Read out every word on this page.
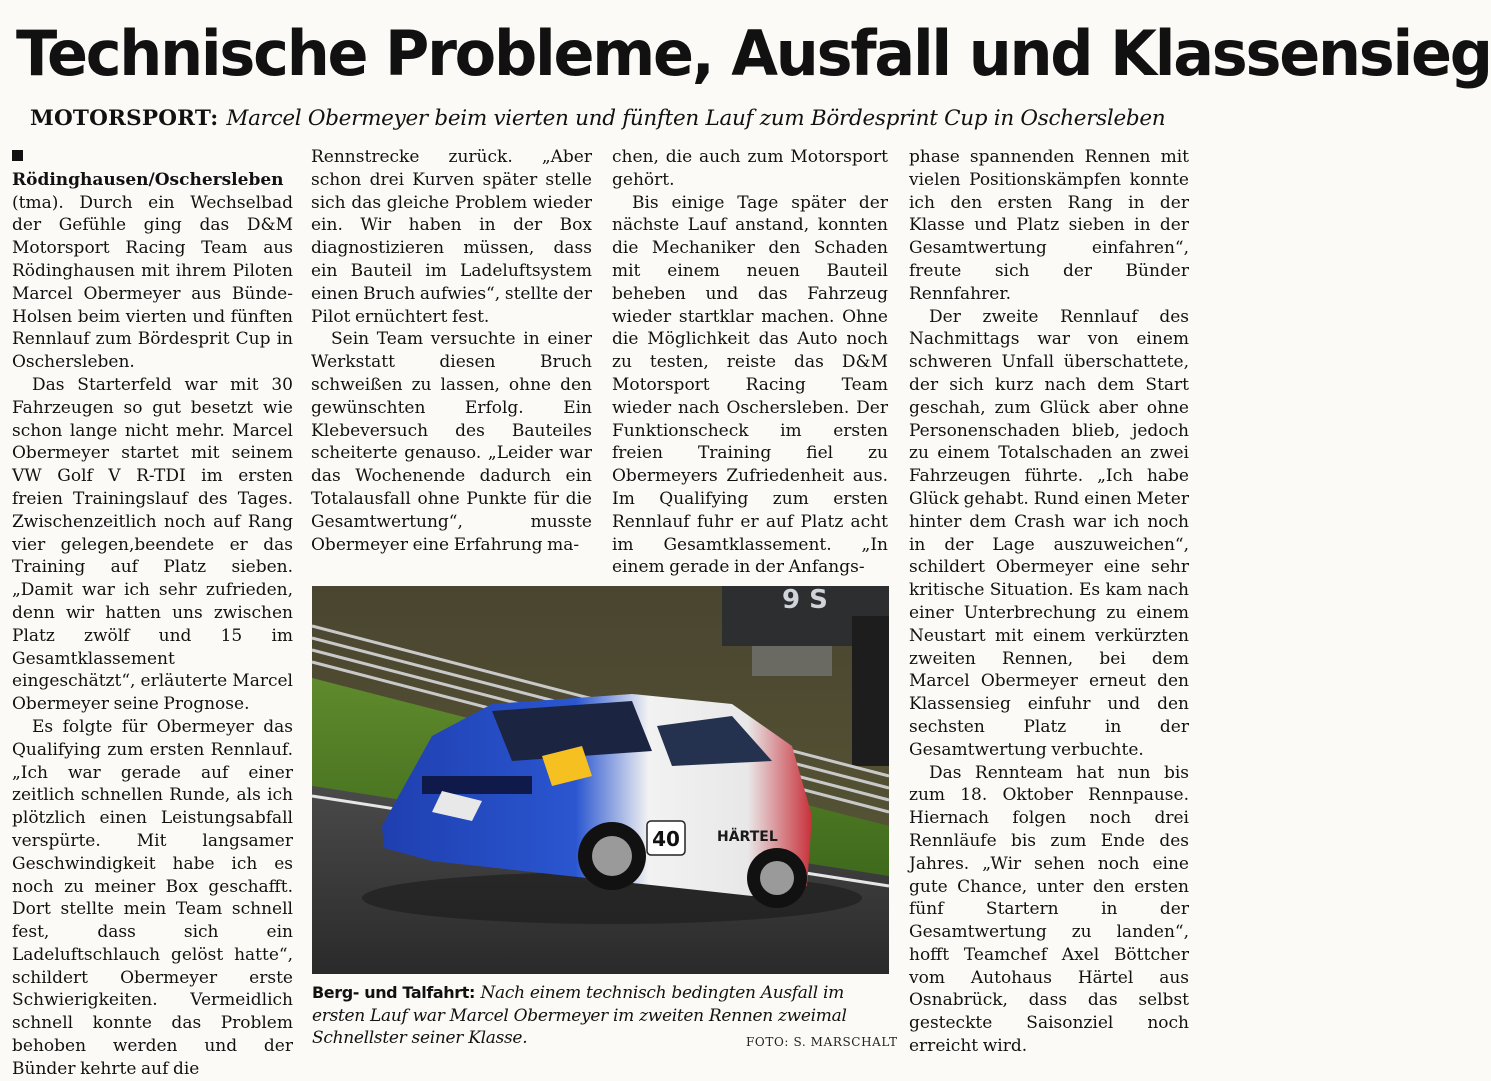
Technische Probleme, Ausfall und Klassensieg
MOTORSPORT: Marcel Obermeyer beim vierten und fünften Lauf zum Bördesprint Cup in Oschersleben

Rödinghausen/Oschersleben (tma). Durch ein Wechselbad der Gefühle ging das D&M Motorsport Racing Team aus Rödinghausen mit ihrem Piloten Marcel Obermeyer aus Bünde-Holsen beim vierten und fünften Rennlauf zum Bördesprit Cup in Oschersleben.

Das Starterfeld war mit 30 Fahrzeugen so gut besetzt wie schon lange nicht mehr. Marcel Obermeyer startet mit seinem VW Golf V R-TDI im ersten freien Trainingslauf des Tages. Zwischenzeitlich noch auf Rang vier gelegen,beendete er das Training auf Platz sieben. „Damit war ich sehr zufrieden, denn wir hatten uns zwischen Platz zwölf und 15 im Gesamtklassement eingeschätzt“, erläuterte Marcel Obermeyer seine Prognose.

Es folgte für Obermeyer das Qualifying zum ersten Rennlauf. „Ich war gerade auf einer zeitlich schnellen Runde, als ich plötzlich einen Leistungsabfall verspürte. Mit langsamer Geschwindigkeit habe ich es noch zu meiner Box geschafft. Dort stellte mein Team schnell fest, dass sich ein Ladeluftschlauch gelöst hatte“, schildert Obermeyer erste Schwierigkeiten. Vermeidlich schnell konnte das Problem behoben werden und der Bünder kehrte auf die

Rennstrecke zurück. „Aber schon drei Kurven später stelle sich das gleiche Problem wieder ein. Wir haben in der Box diagnostizieren müssen, dass ein Bauteil im Ladeluftsystem einen Bruch aufwies“, stellte der Pilot ernüchtert fest.

Sein Team versuchte in einer Werkstatt diesen Bruch schweißen zu lassen, ohne den gewünschten Erfolg. Ein Klebeversuch des Bauteiles scheiterte genauso. „Leider war das Wochenende dadurch ein Totalausfall ohne Punkte für die Gesamtwertung“, musste Obermeyer eine Erfahrung ma-

chen, die auch zum Motorsport gehört.

Bis einige Tage später der nächste Lauf anstand, konnten die Mechaniker den Schaden mit einem neuen Bauteil beheben und das Fahrzeug wieder startklar machen. Ohne die Möglichkeit das Auto noch zu testen, reiste das D&M Motorsport Racing Team wieder nach Oschersleben. Der Funktionscheck im ersten freien Training fiel zu Obermeyers Zufriedenheit aus. Im Qualifying zum ersten Rennlauf fuhr er auf Platz acht im Gesamtklassement. „In einem gerade in der Anfangs-

phase spannenden Rennen mit vielen Positionskämpfen konnte ich den ersten Rang in der Klasse und Platz sieben in der Gesamtwertung einfahren“, freute sich der Bünder Rennfahrer.

Der zweite Rennlauf des Nachmittags war von einem schweren Unfall überschattete, der sich kurz nach dem Start geschah, zum Glück aber ohne Personenschaden blieb, jedoch zu einem Totalschaden an zwei Fahrzeugen führte. „Ich habe Glück gehabt. Rund einen Meter hinter dem Crash war ich noch in der Lage auszuweichen“, schildert Obermeyer eine sehr kritische Situation. Es kam nach einer Unterbrechung zu einem Neustart mit einem verkürzten zweiten Rennen, bei dem Marcel Obermeyer erneut den Klassensieg einfuhr und den sechsten Platz in der Gesamtwertung verbuchte.

Das Rennteam hat nun bis zum 18. Oktober Rennpause. Hiernach folgen noch drei Rennläufe bis zum Ende des Jahres. „Wir sehen noch eine gute Chance, unter den ersten fünf Startern in der Gesamtwertung zu landen“, hofft Teamchef Axel Böttcher vom Autohaus Härtel aus Osnabrück, dass das selbst gesteckte Saisonziel noch erreicht wird.

9 S
40	HÄRTEL
Berg- und Talfahrt: Nach einem technisch bedingten Ausfall im ersten Lauf war Marcel Obermeyer im zweiten Rennen zweimal Schnellster seiner Klasse.	FOTO: S. MARSCHALT
